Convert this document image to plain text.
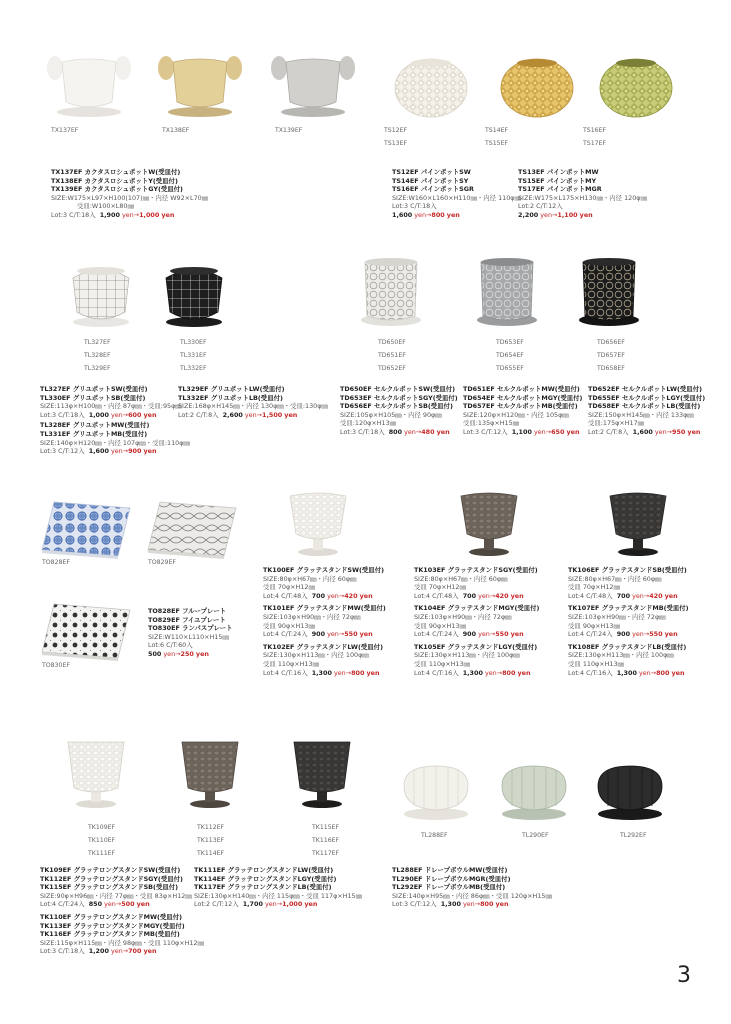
TX137EF	TX138EF	TX139EF	TS12EF
TS13EF
TS14EF
TS15EF
TS16EF
TS17EF
TX137EF カクタスロシュポットW(受皿付)
TX138EF カクタスロシュポットY(受皿付)
TX139EF カクタスロシュポットGY(受皿付)
SIZE:W175×L97×H100(107)㎜・内径 W92×L70㎜
受皿:W100×L80㎜
Lot:3 C/T:18入 1,900 yen→1,000 yen
TS12EF パインポットSW
TS14EF パインポットSY
TS16EF パインポットSGR
SIZE:W160×L160×H110㎜・内径 110φ㎜
Lot:3 C/T:18入
1,600 yen→800 yen
TS13EF パインポットMW
TS15EF パインポットMY
TS17EF パインポットMGR
SIZE:W175×L175×H130㎜・内径 120φ㎜
Lot:2 C/T:12入
2,200 yen→1,100 yen
TL327EF
TL328EF
TL329EF
TL330EF
TL331EF
TL332EF
TD650EF
TD651EF
TD652EF
TD653EF
TD654EF
TD655EF
TD656EF
TD657EF
TD658EF
TL327EF グリユポットSW(受皿付)
TL330EF グリユポットSB(受皿付)
SIZE:113φ×H100㎜・内径 87φ㎜・受皿:95φ㎜
Lot:3 C/T:18入 1,000 yen→600 yen
TL328EF グリユポットMW(受皿付)
TL331EF グリユポットMB(受皿付)
SIZE:140φ×H120㎜・内径 107φ㎜・受皿:110φ㎜
Lot:3 C/T:12入 1,600 yen→900 yen
TL329EF グリユポットLW(受皿付)
TL332EF グリユポットLB(受皿付)
SIZE:168φ×H145㎜・内径 130φ㎜・受皿:130φ㎜
Lot:2 C/T:8入 2,600 yen→1,500 yen
TD650EF セルクルポットSW(受皿付)
TD653EF セルクルポットSGY(受皿付)
TD656EF セルクルポットSB(受皿付)
SIZE:105φ×H105㎜・内径 90φ㎜
受皿:120φ×H13㎜
Lot:3 C/T:18入 800 yen→480 yen
TD651EF セルクルポットMW(受皿付)
TD654EF セルクルポットMGY(受皿付)
TD657EF セルクルポットMB(受皿付)
SIZE:120φ×H120㎜・内径 105φ㎜
受皿:135φ×H15㎜
Lot:3 C/T:12入 1,100 yen→650 yen
TD652EF セルクルポットLW(受皿付)
TD655EF セルクルポットLGY(受皿付)
TD658EF セルクルポットLB(受皿付)
SIZE:150φ×H145㎜・内径 133φ㎜
受皿:175φ×H17㎜
Lot:2 C/T:8入 1,600 yen→950 yen
TO828EF	TO829EF
TO830EF
TO828EF フループレート
TO829EF フイユプレート
TO830EF ランパスプレート
SIZE:W110×L110×H15㎜
Lot:6 C/T:60入
500 yen→250 yen
TK100EF グラッテスタンドSW(受皿付)
SIZE:80φ×H67㎜・内径 60φ㎜
受皿 70φ×H12㎜
Lot:4 C/T:48入 700 yen→420 yen
TK101EF グラッテスタンドMW(受皿付)
SIZE:103φ×H90㎜・内径 72φ㎜
受皿 90φ×H13㎜
Lot:4 C/T:24入 900 yen→550 yen
TK102EF グラッテスタンドLW(受皿付)
SIZE:130φ×H113㎜・内径 100φ㎜
受皿 110φ×H13㎜
Lot:4 C/T:16入 1,300 yen→800 yen
TK103EF グラッテスタンドSGY(受皿付)
SIZE:80φ×H67㎜・内径 60φ㎜
受皿 70φ×H12㎜
Lot:4 C/T:48入 700 yen→420 yen
TK104EF グラッテスタンドMGY(受皿付)
SIZE:103φ×H90㎜・内径 72φ㎜
受皿 90φ×H13㎜
Lot:4 C/T:24入 900 yen→550 yen
TK105EF グラッテスタンドLGY(受皿付)
SIZE:130φ×H113㎜・内径 100φ㎜
受皿 110φ×H13㎜
Lot:4 C/T:16入 1,300 yen→800 yen
TK106EF グラッテスタンドSB(受皿付)
SIZE:80φ×H67㎜・内径 60φ㎜
受皿 70φ×H12㎜
Lot:4 C/T:48入 700 yen→420 yen
TK107EF グラッテスタンドMB(受皿付)
SIZE:103φ×H90㎜・内径 72φ㎜
受皿 90φ×H13㎜
Lot:4 C/T:24入 900 yen→550 yen
TK108EF グラッテスタンドLB(受皿付)
SIZE:130φ×H113㎜・内径 100φ㎜
受皿 110φ×H13㎜
Lot:4 C/T:16入 1,300 yen→800 yen
TK109EF
TK110EF
TK111EF
TK112EF
TK113EF
TK114EF
TK115EF
TK116EF
TK117EF
TL288EF	TL290EF	TL292EF
TK109EF グラッテロングスタンドSW(受皿付)
TK112EF グラッテロングスタンドSGY(受皿付)
TK115EF グラッテロングスタンドSB(受皿付)
SIZE:90φ×H96㎜・内径 77φ㎜・受皿 83φ×H12㎜
Lot:4 C/T:24入 850 yen→500 yen
TK110EF グラッテロングスタンドMW(受皿付)
TK113EF グラッテロングスタンドMGY(受皿付)
TK116EF グラッテロングスタンドMB(受皿付)
SIZE:115φ×H115㎜・内径 98φ㎜・受皿 110φ×H12㎜
Lot:3 C/T:18入 1,200 yen→700 yen
TK111EF グラッテロングスタンドLW(受皿付)
TK114EF グラッテロングスタンドLGY(受皿付)
TK117EF グラッテロングスタンドLB(受皿付)
SIZE:130φ×H140㎜・内径 115φ㎜・受皿 117φ×H15㎜
Lot:2 C/T:12入 1,700 yen→1,000 yen
TL288EF ドレープボウルMW(受皿付)
TL290EF ドレープボウルMGR(受皿付)
TL292EF ドレープボウルMB(受皿付)
SIZE:140φ×H95㎜・内径 86φ㎜・受皿 120φ×H15㎜
Lot:3 C/T:12入 1,300 yen→800 yen
3
